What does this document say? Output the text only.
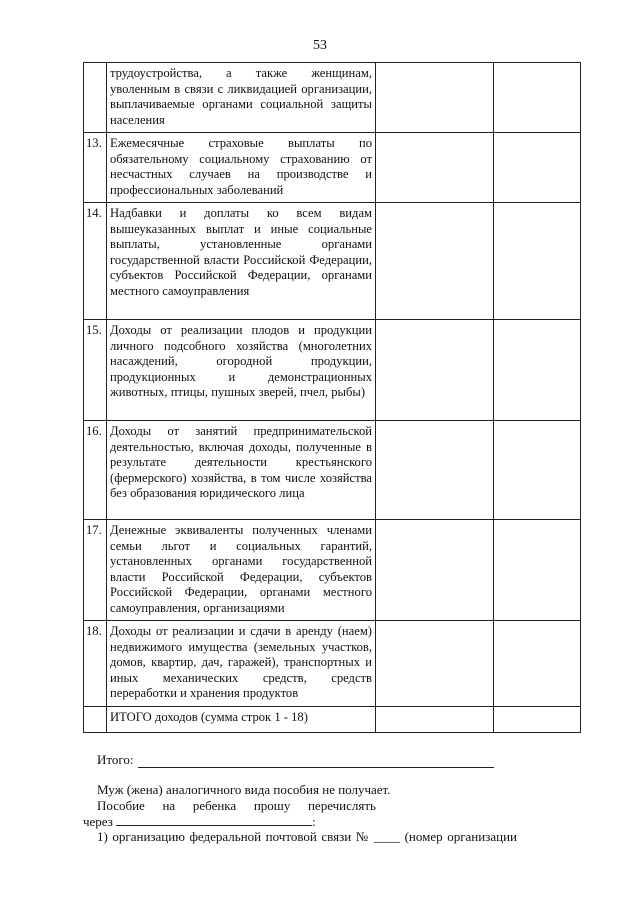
53
	трудоустройства, а также женщинам, уволенным в связи с ликвидацией организации, выплачиваемые органами социальной защиты населения		
13.	Ежемесячные страховые выплаты по обязательному социальному страхованию от несчастных случаев на производстве и профессиональных заболеваний		
14.	Надбавки и доплаты ко всем видам вышеуказанных выплат и иные социальные выплаты, установленные органами государственной власти Российской Федерации, субъектов Российской Федерации, органами местного самоуправления		
15.	Доходы от реализации плодов и продукции личного подсобного хозяйства (многолетних насаждений, огородной продукции, продукционных и демонстрационных животных, птицы, пушных зверей, пчел, рыбы)		
16.	Доходы от занятий предпринимательской деятельностью, включая доходы, полученные в результате деятельности крестьянского (фермерского) хозяйства, в том числе хозяйства без образования юридического лица		
17.	Денежные эквиваленты полученных членами семьи льгот и социальных гарантий, установленных органами государственной власти Российской Федерации, субъектов Российской Федерации, органами местного самоуправления, организациями		
18.	Доходы от реализации и сдачи в аренду (наем) недвижимого имущества (земельных участков, домов, квартир, дач, гаражей), транспортных и иных механических средств, средств переработки и хранения продуктов		
	ИТОГО доходов (сумма строк 1 - 18)		
Итого:
Муж (жена) аналогичного вида пособия не получает.
Пособие на ребенка прошу перечислять
через	:
1) организацию федеральной почтовой связи № ____ (номер организации
